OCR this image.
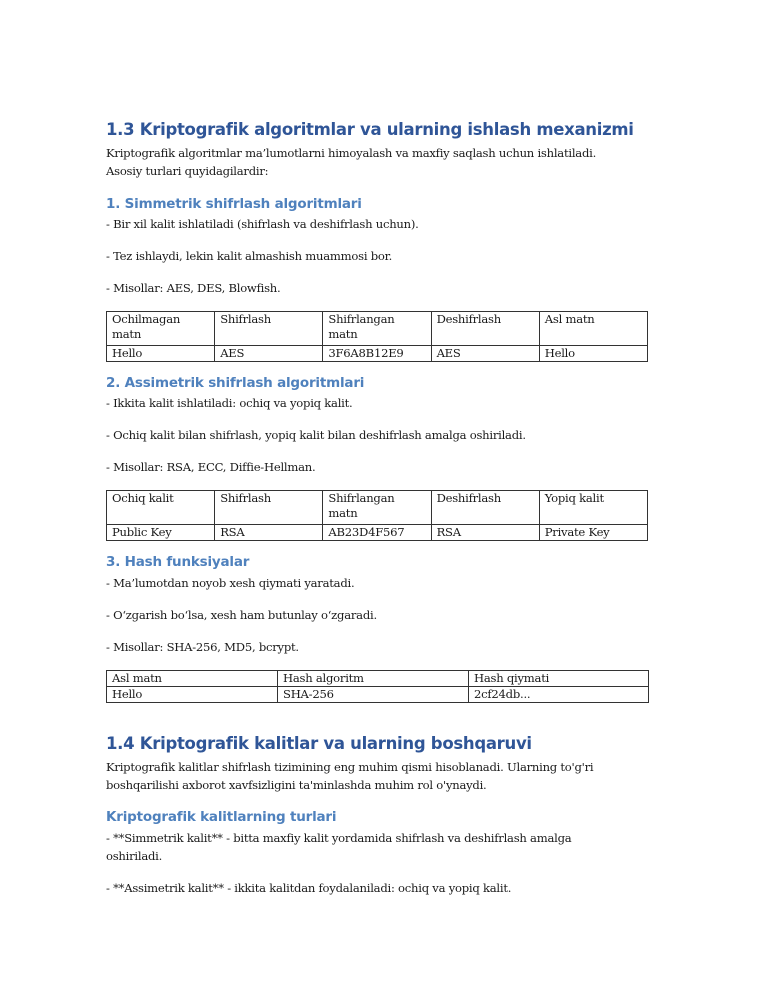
1.3 Kriptografik algoritmlar va ularning ishlash mexanizmi
Kriptografik algoritmlar ma’lumotlarni himoyalash va maxfiy saqlash uchun ishlatiladi.
Asosiy turlari quyidagilardir:
1. Simmetrik shifrlash algoritmlari
- Bir xil kalit ishlatiladi (shifrlash va deshifrlash uchun).
- Tez ishlaydi, lekin kalit almashish muammosi bor.
- Misollar: AES, DES, Blowfish.
Ochilmagan matn	Shifrlash	Shifrlangan matn	Deshifrlash	Asl matn
Hello	AES	3F6A8B12E9	AES	Hello
2. Assimetrik shifrlash algoritmlari
- Ikkita kalit ishlatiladi: ochiq va yopiq kalit.
- Ochiq kalit bilan shifrlash, yopiq kalit bilan deshifrlash amalga oshiriladi.
- Misollar: RSA, ECC, Diffie-Hellman.
Ochiq kalit	Shifrlash	Shifrlangan matn	Deshifrlash	Yopiq kalit
Public Key	RSA	AB23D4F567	RSA	Private Key
3. Hash funksiyalar
- Ma’lumotdan noyob xesh qiymati yaratadi.
- O‘zgarish bo‘lsa, xesh ham butunlay o‘zgaradi.
- Misollar: SHA-256, MD5, bcrypt.
Asl matn	Hash algoritm	Hash qiymati
Hello	SHA-256	2cf24db...
1.4 Kriptografik kalitlar va ularning boshqaruvi
Kriptografik kalitlar shifrlash tizimining eng muhim qismi hisoblanadi. Ularning to'g'ri
boshqarilishi axborot xavfsizligini ta'minlashda muhim rol o'ynaydi.
Kriptografik kalitlarning turlari
- **Simmetrik kalit** - bitta maxfiy kalit yordamida shifrlash va deshifrlash amalga
oshiriladi.
- **Assimetrik kalit** - ikkita kalitdan foydalaniladi: ochiq va yopiq kalit.
